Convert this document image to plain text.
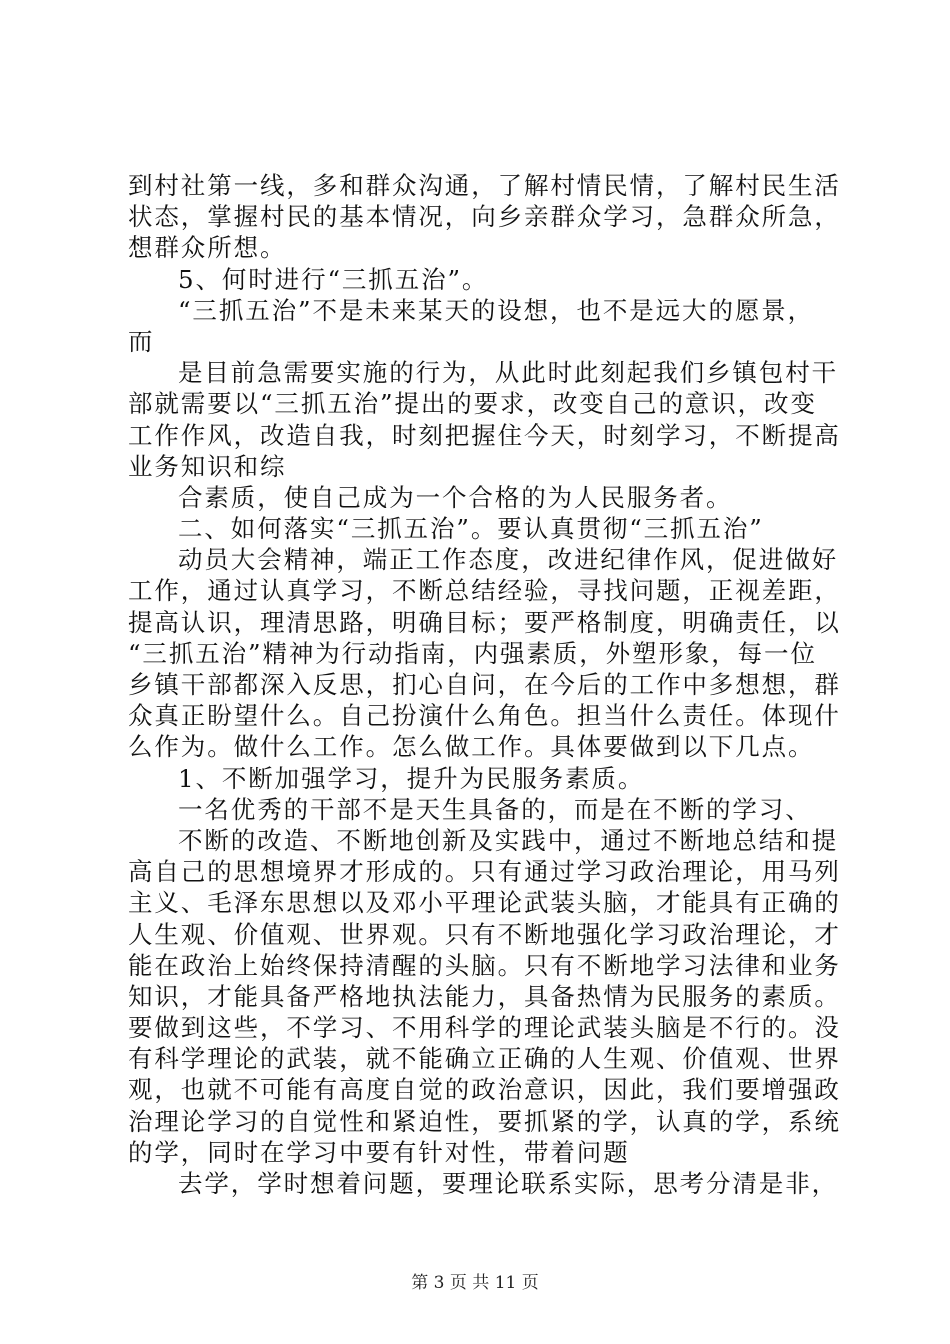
到村社第一线，多和群众沟通，了解村情民情，了解村民生活
状态，掌握村民的基本情况，向乡亲群众学习，急群众所急，
想群众所想。
5、何时进行“三抓五治”。
“三抓五治”不是未来某天的设想，也不是远大的愿景，
而
是目前急需要实施的行为，从此时此刻起我们乡镇包村干
部就需要以“三抓五治”提出的要求，改变自己的意识，改变
工作作风，改造自我，时刻把握住今天，时刻学习，不断提高
业务知识和综
合素质，使自己成为一个合格的为人民服务者。
二、如何落实“三抓五治”。要认真贯彻“三抓五治”
动员大会精神，端正工作态度，改进纪律作风，促进做好
工作，通过认真学习，不断总结经验，寻找问题，正视差距，
提高认识，理清思路，明确目标；要严格制度，明确责任，以
“三抓五治”精神为行动指南，内强素质，外塑形象，每一位
乡镇干部都深入反思，扪心自问，在今后的工作中多想想，群
众真正盼望什么。自己扮演什么角色。担当什么责任。体现什
么作为。做什么工作。怎么做工作。具体要做到以下几点。
1、不断加强学习，提升为民服务素质。
一名优秀的干部不是天生具备的，而是在不断的学习、
不断的改造、不断地创新及实践中，通过不断地总结和提
高自己的思想境界才形成的。只有通过学习政治理论，用马列
主义、毛泽东思想以及邓小平理论武装头脑，才能具有正确的
人生观、价值观、世界观。只有不断地强化学习政治理论，才
能在政治上始终保持清醒的头脑。只有不断地学习法律和业务
知识，才能具备严格地执法能力，具备热情为民服务的素质。
要做到这些，不学习、不用科学的理论武装头脑是不行的。没
有科学理论的武装，就不能确立正确的人生观、价值观、世界
观，也就不可能有高度自觉的政治意识，因此，我们要增强政
治理论学习的自觉性和紧迫性，要抓紧的学，认真的学，系统
的学，同时在学习中要有针对性，带着问题
去学，学时想着问题，要理论联系实际，思考分清是非，
第 3 页 共 11 页
